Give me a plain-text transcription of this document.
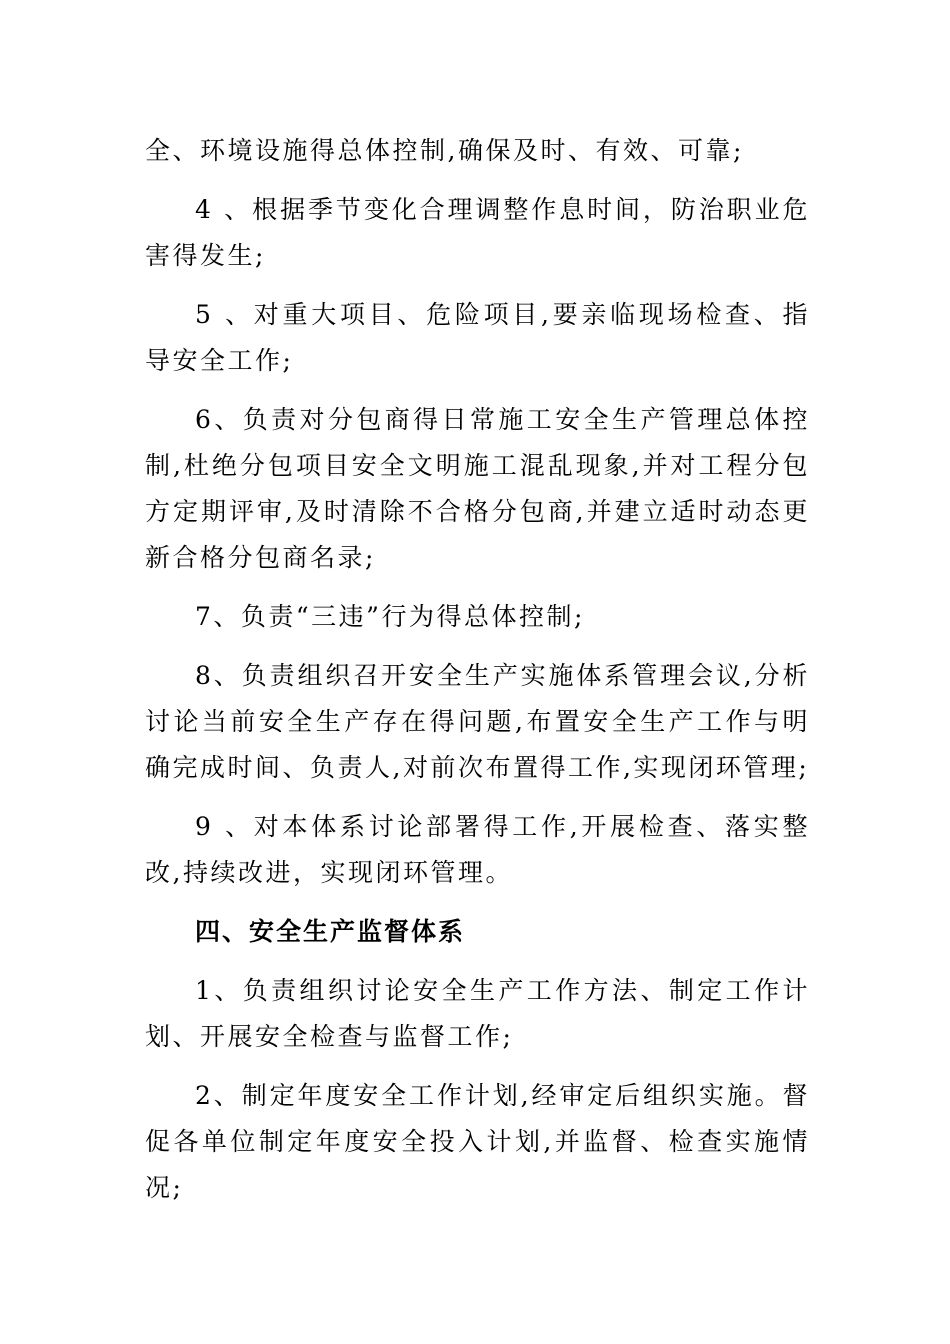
全、环境设施得总体控制,确保及时、有效、可靠;

4 、根据季节变化合理调整作息时间，防治职业危害得发生;

5 、对重大项目、危险项目,要亲临现场检查、指导安全工作;

6、负责对分包商得日常施工安全生产管理总体控制,杜绝分包项目安全文明施工混乱现象,并对工程分包方定期评审,及时清除不合格分包商,并建立适时动态更新合格分包商名录;

7、负责“三违”行为得总体控制;

8、负责组织召开安全生产实施体系管理会议,分析讨论当前安全生产存在得问题,布置安全生产工作与明确完成时间、负责人,对前次布置得工作,实现闭环管理;

9 、对本体系讨论部署得工作,开展检查、落实整改,持续改进，实现闭环管理。

四、安全生产监督体系

1、负责组织讨论安全生产工作方法、制定工作计划、开展安全检查与监督工作;

2、制定年度安全工作计划,经审定后组织实施。督促各单位制定年度安全投入计划,并监督、检查实施情况;
